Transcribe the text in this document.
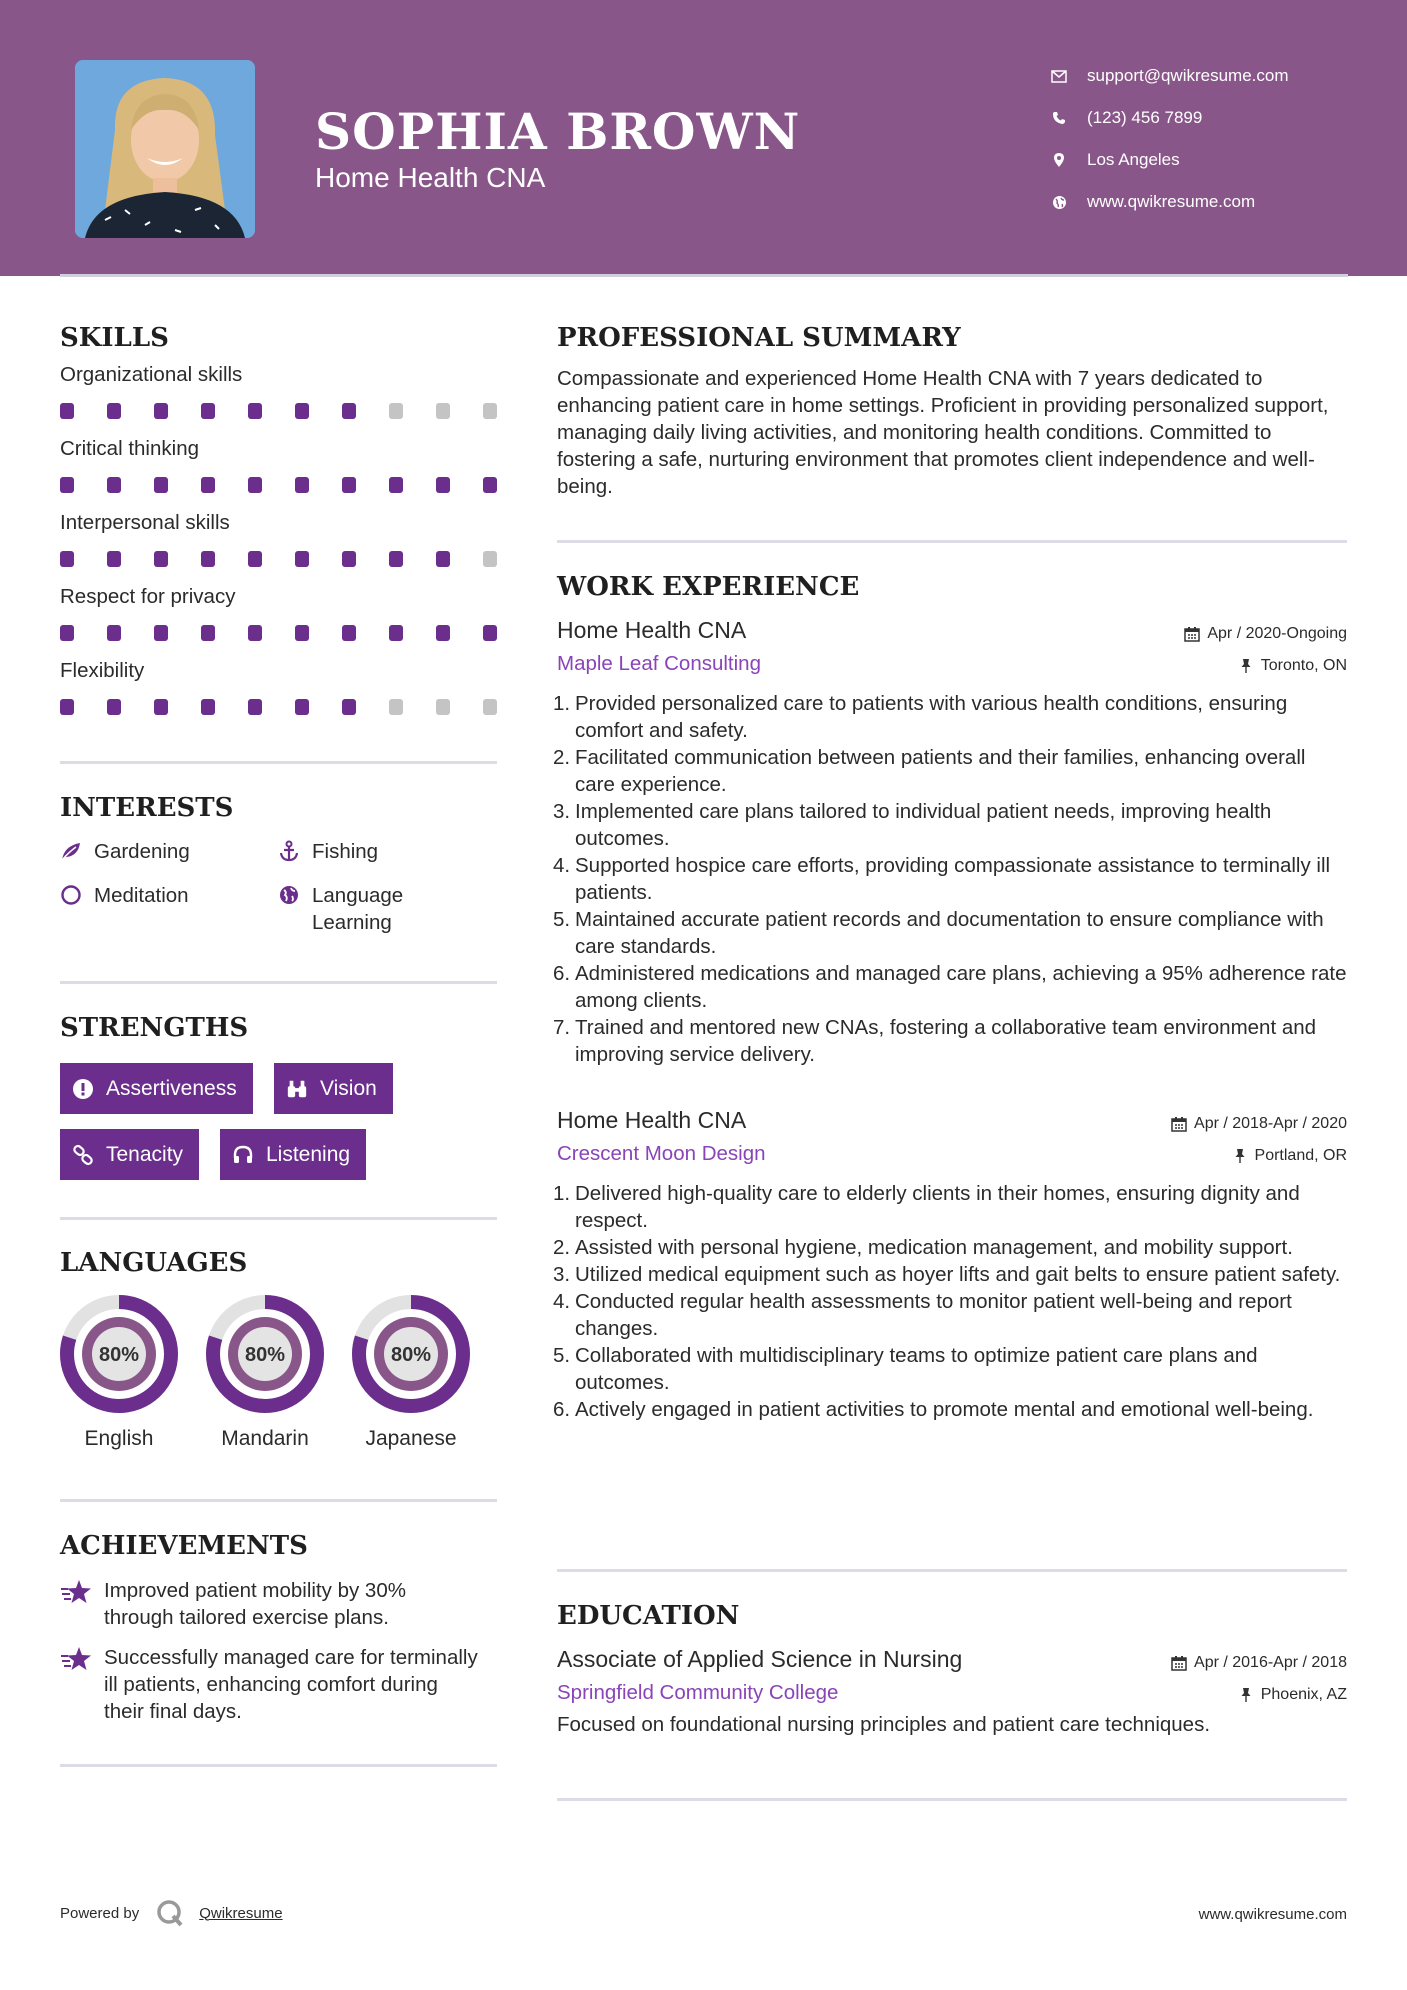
SOPHIA BROWN
Home Health CNA
support@qwikresume.com
(123) 456 7899
Los Angeles
www.qwikresume.com
SKILLS
Organizational skills
Critical thinking
Interpersonal skills
Respect for privacy
Flexibility
INTERESTS
Gardening	Fishing
Meditation	Language Learning
STRENGTHS
Assertiveness	Vision
Tenacity	Listening
LANGUAGES
80%
English
80%
Mandarin
80%
Japanese
ACHIEVEMENTS
Improved patient mobility by 30% through tailored exercise plans.
Successfully managed care for terminally ill patients, enhancing comfort during their final days.
PROFESSIONAL SUMMARY

Compassionate and experienced Home Health CNA with 7 years dedicated to enhancing patient care in home settings. Proficient in providing personalized support, managing daily living activities, and monitoring health conditions. Committed to fostering a safe, nurturing environment that promotes client independence and well-being.

WORK EXPERIENCE
Home Health CNA	Apr / 2020-Ongoing
Maple Leaf Consulting	Toronto, ON
1. Provided personalized care to patients with various health conditions, ensuring comfort and safety.
2. Facilitated communication between patients and their families, enhancing overall care experience.
3. Implemented care plans tailored to individual patient needs, improving health outcomes.
4. Supported hospice care efforts, providing compassionate assistance to terminally ill patients.
5. Maintained accurate patient records and documentation to ensure compliance with care standards.
6. Administered medications and managed care plans, achieving a 95% adherence rate among clients.
7. Trained and mentored new CNAs, fostering a collaborative team environment and improving service delivery.
Home Health CNA	Apr / 2018-Apr / 2020
Crescent Moon Design	Portland, OR
1. Delivered high-quality care to elderly clients in their homes, ensuring dignity and respect.
2. Assisted with personal hygiene, medication management, and mobility support.
3. Utilized medical equipment such as hoyer lifts and gait belts to ensure patient safety.
4. Conducted regular health assessments to monitor patient well-being and report changes.
5. Collaborated with multidisciplinary teams to optimize patient care plans and outcomes.
6. Actively engaged in patient activities to promote mental and emotional well-being.
EDUCATION
Associate of Applied Science in Nursing	Apr / 2016-Apr / 2018
Springfield Community College	Phoenix, AZ

Focused on foundational nursing principles and patient care techniques.

Powered by	Qwikresume	www.qwikresume.com
